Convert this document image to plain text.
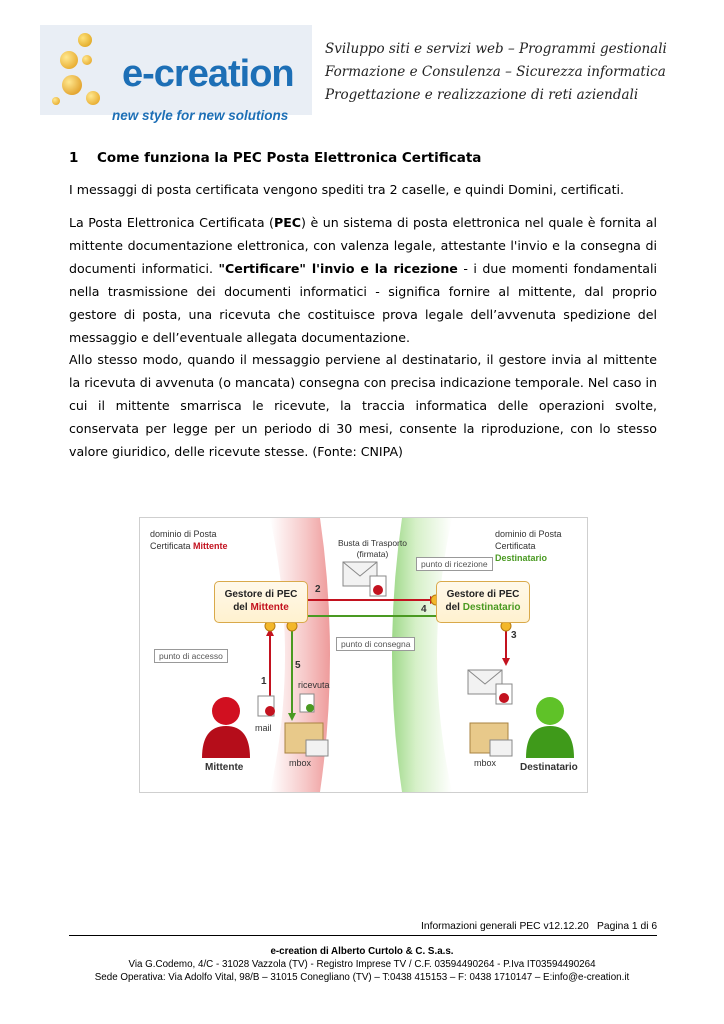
e-creation
new style for new solutions
Sviluppo siti e servizi web – Programmi gestionali
Formazione e Consulenza – Sicurezza informatica
Progettazione e realizzazione di reti aziendali
1 Come funziona la PEC Posta Elettronica Certificata
I messaggi di posta certificata vengono spediti tra 2 caselle, e quindi Domini, certificati.
La Posta Elettronica Certificata (PEC) è un sistema di posta elettronica nel quale è fornita al mittente documentazione elettronica, con valenza legale, attestante l'invio e la consegna di documenti informatici. "Certificare" l'invio e la ricezione - i due momenti fondamentali nella trasmissione dei documenti informatici - significa fornire al mittente, dal proprio gestore di posta, una ricevuta che costituisce prova legale dell’avvenuta spedizione del messaggio e dell’eventuale allegata documentazione.
Allo stesso modo, quando il messaggio perviene al destinatario, il gestore invia al mittente la ricevuta di avvenuta (o mancata) consegna con precisa indicazione temporale. Nel caso in cui il mittente smarrisca le ricevute, la traccia informatica delle operazioni svolte, conservata per legge per un periodo di 30 mesi, consente la riproduzione, con lo stesso valore giuridico, delle ricevute stesse. (Fonte: CNIPA)
dominio di Posta
Certificata Mittente
dominio di Posta
Certificata Destinatario
Busta di Trasporto
(firmata)
Gestore di PEC
del Mittente
Gestore di PEC
del Destinatario
punto di ricezione
punto di accesso
punto di consegna
2
4
1
5
3
ricevuta
mail
mbox	mbox
Mittente	Destinatario
Informazioni generali PEC v12.12.20 Pagina 1 di 6
e-creation di Alberto Curtolo & C. S.a.s.
Via G.Codemo, 4/C - 31028 Vazzola (TV) - Registro Imprese TV / C.F. 03594490264 - P.Iva IT03594490264
Sede Operativa: Via Adolfo Vital, 98/B – 31015 Conegliano (TV) – T:0438 415153 – F: 0438 1710147 – E:info@e-creation.it
